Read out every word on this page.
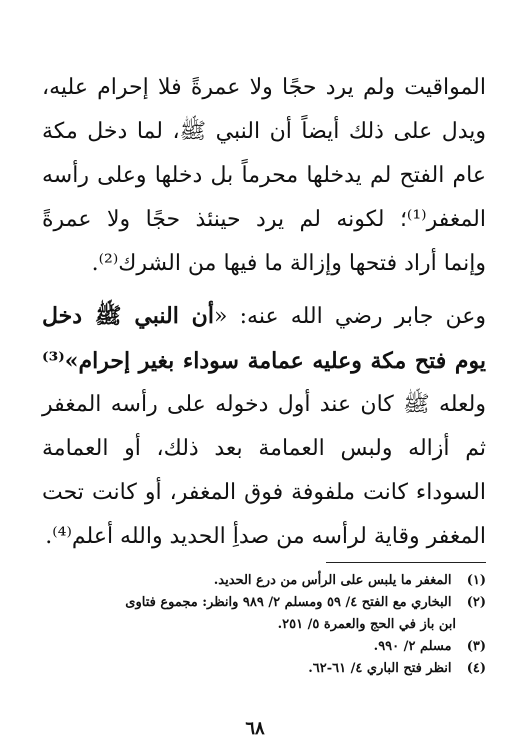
المواقيت ولم يرد حجًا ولا عمرةً فلا إحرام عليه،
ويدل على ذلك أيضاً أن النبي ﷺ، لما دخل مكة
عام الفتح لم يدخلها محرماً بل دخلها وعلى رأسه
المغفر⁽¹⁾؛ لكونه لم يرد حينئذ حجًا ولا عمرةً
وإنما أراد فتحها وإزالة ما فيها من الشرك⁽²⁾.

وعن جابر رضي الله عنه: «أن النبي ﷺ دخل
يوم فتح مكة وعليه عمامة سوداء بغير إحرام»⁽³⁾
ولعله ﷺ كان عند أول دخوله على رأسه المغفر
ثم أزاله ولبس العمامة بعد ذلك، أو العمامة
السوداء كانت ملفوفة فوق المغفر، أو كانت تحت
المغفر وقاية لرأسه من صدأِ الحديد والله أعلم⁽⁴⁾.

(١) المغفر ما يلبس على الرأس من درع الحديد.
(٢) البخاري مع الفتح ٤/ ٥٩ ومسلم ٢/ ٩٨٩ وانظر: مجموع فتاوى
ابن باز في الحج والعمرة ٥/ ٢٥١.
(٣) مسلم ٢/ ٩٩٠.
(٤) انظر فتح الباري ٤/ ٦١-٦٢.
٦٨
